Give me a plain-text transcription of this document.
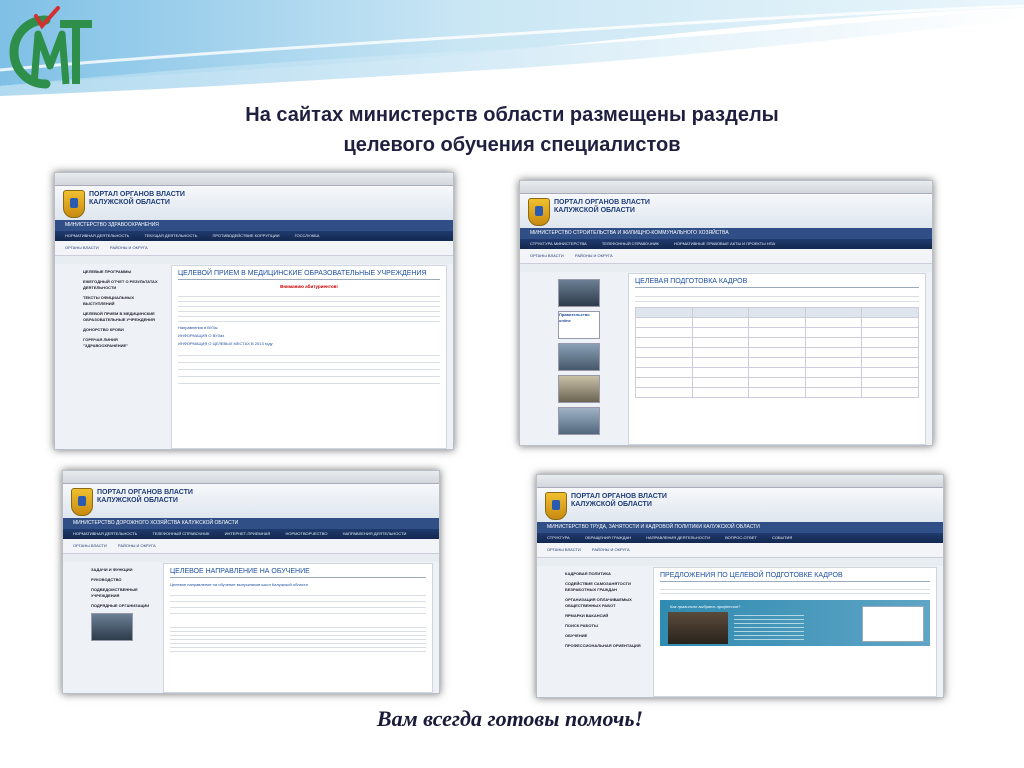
На сайтах министерств области размещены разделы
целевого обучения специалистов
ПОРТАЛ ОРГАНОВ ВЛАСТИ КАЛУЖСКОЙ ОБЛАСТИ
МИНИСТЕРСТВО ЗДРАВООХРАНЕНИЯ
НОРМАТИВНАЯ ДЕЯТЕЛЬНОСТЬ	ТЕКУЩАЯ ДЕЯТЕЛЬНОСТЬ	ПРОТИВОДЕЙСТВИЕ КОРРУПЦИИ	ГОССЛУЖБА
ОРГАНЫ ВЛАСТИ	РАЙОНЫ И ОКРУГА
ЦЕЛЕВЫЕ ПРОГРАММЫ
ЕЖЕГОДНЫЙ ОТЧЕТ О РЕЗУЛЬТАТАХ ДЕЯТЕЛЬНОСТИ
ТЕКСТЫ ОФИЦИАЛЬНЫХ ВЫСТУПЛЕНИЙ
ЦЕЛЕВОЙ ПРИЕМ В МЕДИЦИНСКИЕ ОБРАЗОВАТЕЛЬНЫЕ УЧРЕЖДЕНИЯ
ДОНОРСТВО КРОВИ
ГОРЯЧАЯ ЛИНИЯ "ЗДРАВООХРАНЕНИЕ"
ЦЕЛЕВОЙ ПРИЕМ В МЕДИЦИНСКИЕ ОБРАЗОВАТЕЛЬНЫЕ УЧРЕЖДЕНИЯ

Вниманию абитуриентов!

Направления в ВУЗы

ИНФОРМАЦИЯ О ВУЗах

ИНФОРМАЦИЯ О ЦЕЛЕВЫХ МЕСТАХ В 2013 году

ПОРТАЛ ОРГАНОВ ВЛАСТИ КАЛУЖСКОЙ ОБЛАСТИ
МИНИСТЕРСТВО СТРОИТЕЛЬСТВА И ЖИЛИЩНО-КОММУНАЛЬНОГО ХОЗЯЙСТВА
СТРУКТУРА МИНИСТЕРСТВА	ТЕЛЕФОННЫЙ СПРАВОЧНИК	НОРМАТИВНЫЕ ПРАВОВЫЕ АКТЫ И ПРОЕКТЫ НПА
ОРГАНЫ ВЛАСТИ	РАЙОНЫ И ОКРУГА
Правительство online
ЦЕЛЕВАЯ ПОДГОТОВКА КАДРОВ

ПОРТАЛ ОРГАНОВ ВЛАСТИ КАЛУЖСКОЙ ОБЛАСТИ
МИНИСТЕРСТВО ДОРОЖНОГО ХОЗЯЙСТВА КАЛУЖСКОЙ ОБЛАСТИ
НОРМАТИВНАЯ ДЕЯТЕЛЬНОСТЬ	ТЕЛЕФОННЫЙ СПРАВОЧНИК	ИНТЕРНЕТ-ПРИЕМНАЯ	НОРМОТВОРЧЕСТВО	НАПРАВЛЕНИЯ ДЕЯТЕЛЬНОСТИ
ОРГАНЫ ВЛАСТИ	РАЙОНЫ И ОКРУГА
ЗАДАЧИ И ФУНКЦИИ
РУКОВОДСТВО
ПОДВЕДОМСТВЕННЫЕ УЧРЕЖДЕНИЯ
ПОДРЯДНЫЕ ОРГАНИЗАЦИИ
ЦЕЛЕВОЕ НАПРАВЛЕНИЕ НА ОБУЧЕНИЕ

Целевое направление на обучение выпускников школ Калужской области

ПОРТАЛ ОРГАНОВ ВЛАСТИ КАЛУЖСКОЙ ОБЛАСТИ
МИНИСТЕРСТВО ТРУДА, ЗАНЯТОСТИ И КАДРОВОЙ ПОЛИТИКИ КАЛУЖСКОЙ ОБЛАСТИ
СТРУКТУРА	ОБРАЩЕНИЯ ГРАЖДАН	НАПРАВЛЕНИЯ ДЕЯТЕЛЬНОСТИ	ВОПРОС-ОТВЕТ	СОБЫТИЯ
ОРГАНЫ ВЛАСТИ	РАЙОНЫ И ОКРУГА
КАДРОВАЯ ПОЛИТИКА
СОДЕЙСТВИЕ САМОЗАНЯТОСТИ БЕЗРАБОТНЫХ ГРАЖДАН
ОРГАНИЗАЦИЯ ОПЛАЧИВАЕМЫХ ОБЩЕСТВЕННЫХ РАБОТ
ЯРМАРКИ ВАКАНСИЙ
ПОИСК РАБОТЫ
ОБУЧЕНИЕ
ПРОФЕССИОНАЛЬНАЯ ОРИЕНТАЦИЯ
ПРЕДЛОЖЕНИЯ ПО ЦЕЛЕВОЙ ПОДГОТОВКЕ КАДРОВ

Как правильно выбрать профессию?
Вам всегда готовы помочь!
